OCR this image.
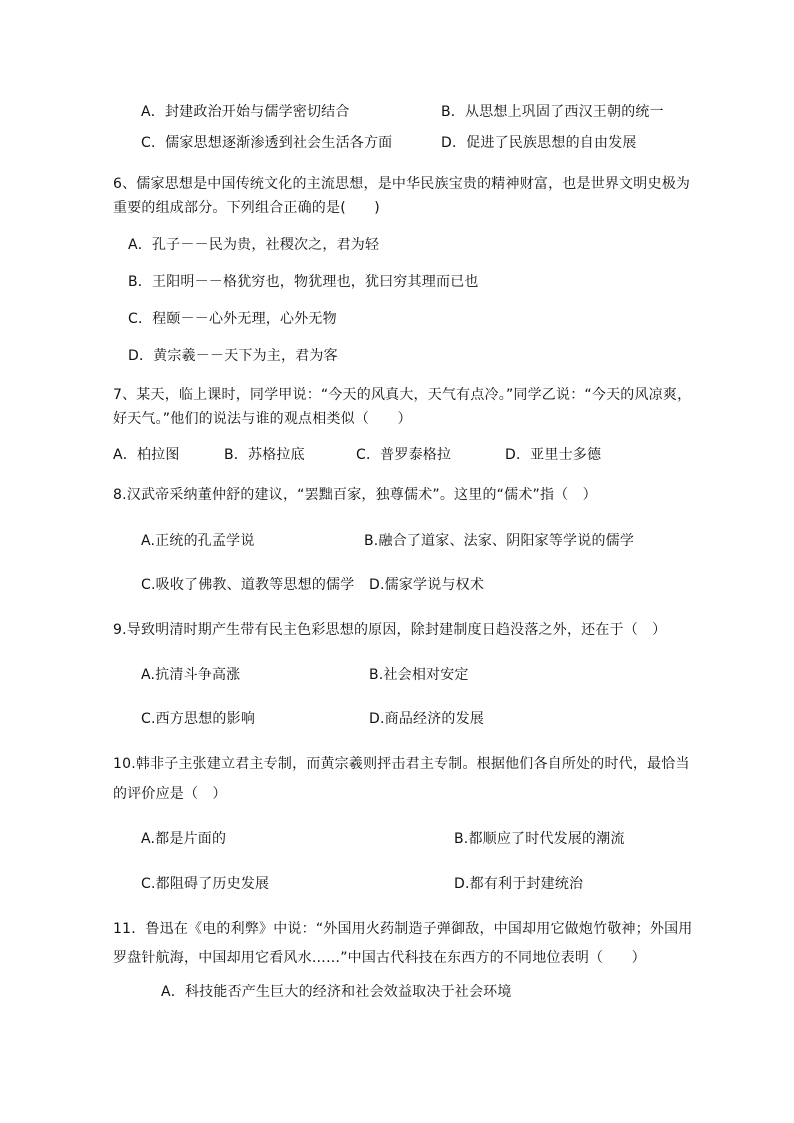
A．封建政治开始与儒学密切结合	B．从思想上巩固了西汉王朝的统一
C．儒家思想逐渐渗透到社会生活各方面	D．促进了民族思想的自由发展
6、儒家思想是中国传统文化的主流思想，是中华民族宝贵的精神财富，也是世界文明史极为
重要的组成部分。下列组合正确的是(　　)
A．孔子－－民为贵，社稷次之，君为轻
B．王阳明－－格犹穷也，物犹理也，犹曰穷其理而已也
C．程颐－－心外无理，心外无物
D．黄宗羲－－天下为主，君为客
7、某天，临上课时，同学甲说：“今天的风真大，天气有点冷。”同学乙说：“今天的风凉爽，
好天气。”他们的说法与谁的观点相类似（　　）
A．柏拉图	B．苏格拉底	C．普罗泰格拉	D．亚里士多德
8.汉武帝采纳董仲舒的建议，“罢黜百家，独尊儒术”。这里的“儒术”指（　）
A.正统的孔孟学说	B.融合了道家、法家、阴阳家等学说的儒学
C.吸收了佛教、道教等思想的儒学 D.儒家学说与权术
9.导致明清时期产生带有民主色彩思想的原因，除封建制度日趋没落之外，还在于（　）
A.抗清斗争高涨	B.社会相对安定
C.西方思想的影响	D.商品经济的发展
10.韩非子主张建立君主专制，而黄宗羲则抨击君主专制。根据他们各自所处的时代，最恰当
的评价应是（　）
A.都是片面的	B.都顺应了时代发展的潮流
C.都阻碍了历史发展	D.都有利于封建统治
11．鲁迅在《电的利弊》中说：“外国用火药制造子弹御敌，中国却用它做炮竹敬神；外国用
罗盘针航海，中国却用它看风水……”中国古代科技在东西方的不同地位表明（　　）
A．科技能否产生巨大的经济和社会效益取决于社会环境
